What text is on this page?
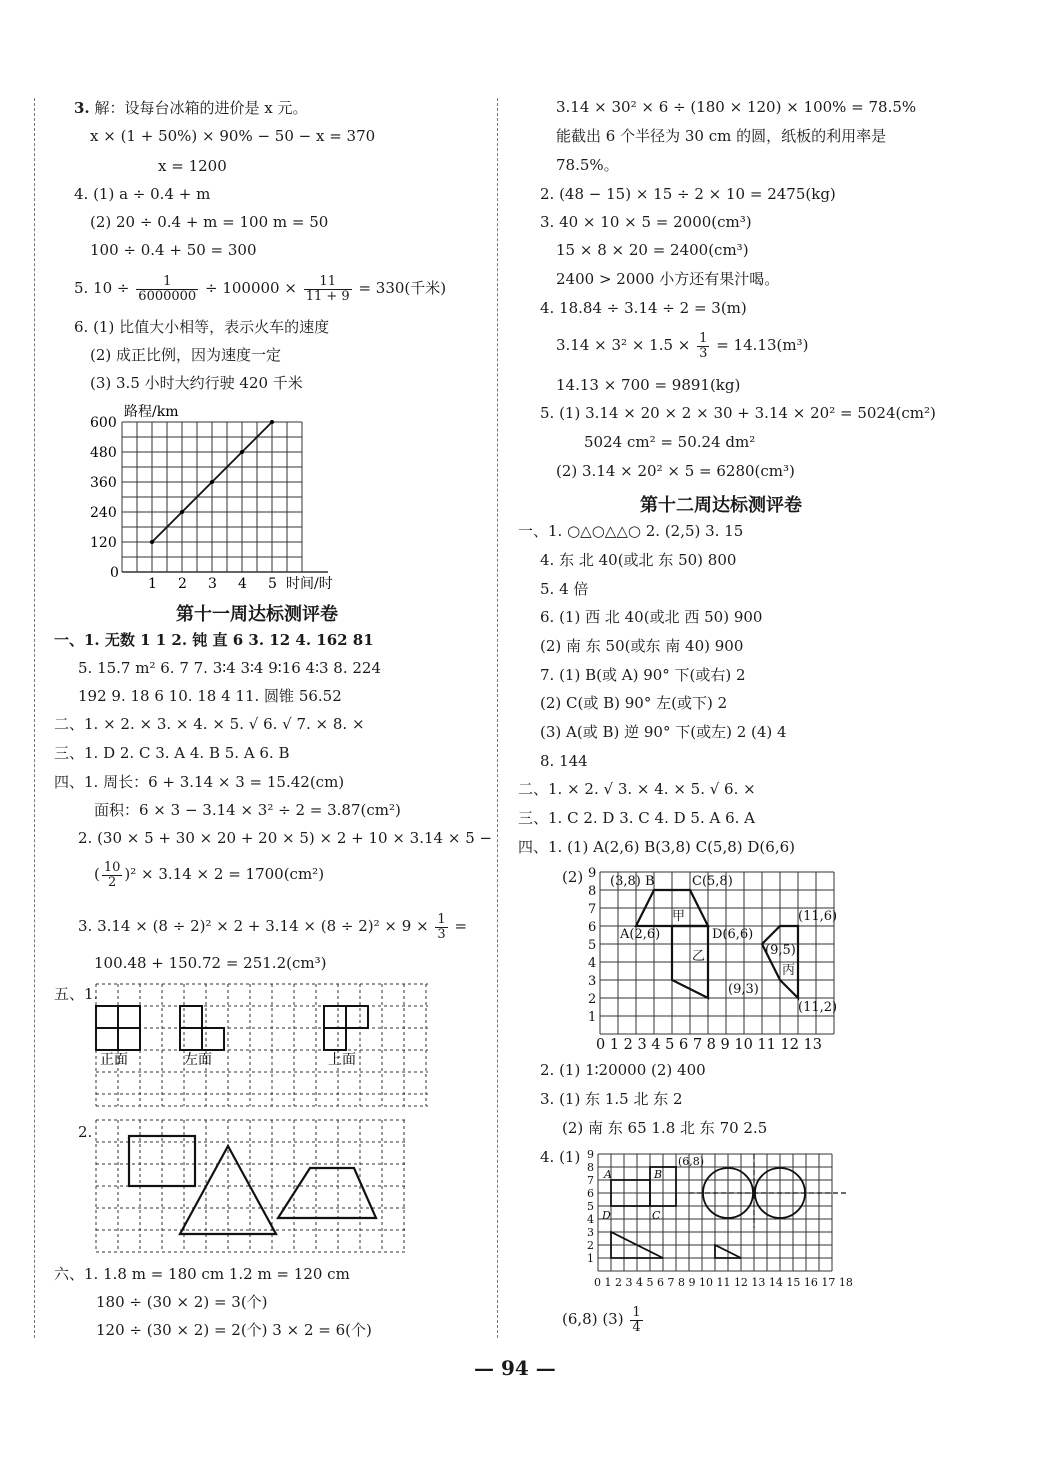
3. 解：设每台冰箱的进价是 x 元。
x × (1 + 50%) × 90% − 50 − x = 370
x = 1200
4. (1) a ÷ 0.4 + m
(2) 20 ÷ 0.4 + m = 100 m = 50
100 ÷ 0.4 + 50 = 300
5. $10 \div \frac{1}{6000000} \div 100000 \times \frac{11}{11 + 9} = 330$(千米)
6. (1) 比值大小相等，表示火车的速度
(2) 成正比例，因为速度一定
(3) 3.5 小时大约行驶 420 千米
路程/km
600
480
360
240
120
0
1 2 3 4 5 时间/时
第十一周达标测评卷
一、1. 无数 1 1 2. 钝 直 6 3. 12 4. 162 81
5. 15.7 m² 6. 7 7. 3∶4 3∶4 9∶16 4∶3 8. 224
192 9. 18 6 10. 18 4 11. 圆锥 56.52
二、1. × 2. × 3. × 4. × 5. √ 6. √ 7. × 8. ×
三、1. D 2. C 3. A 4. B 5. A 6. B
四、1. 周长：6 + 3.14 × 3 = 15.42(cm)
面积：6 × 3 − 3.14 × 3² ÷ 2 = 3.87(cm²)
2. (30 × 5 + 30 × 20 + 20 × 5) × 2 + 10 × 3.14 × 5 −
( $\frac{10}{2} )^2 \times 3.14 \times 2 = 1700(cm^2)$
3. $3.14 \times (8 \div 2)^2 \times 2 + 3.14 \times (8 \div 2)^2 \times 9 \times \frac{1}{3}$ =
100.48 + 150.72 = 251.2(cm³)
五、1.
正面	左面	上面
2.
六、1. 1.8 m = 180 cm 1.2 m = 120 cm
180 ÷ (30 × 2) = 3(个)
120 ÷ (30 × 2) = 2(个) 3 × 2 = 6(个)
3.14 × 30² × 6 ÷ (180 × 120) × 100% = 78.5%
能截出 6 个半径为 30 cm 的圆，纸板的利用率是
78.5%。
2. (48 − 15) × 15 ÷ 2 × 10 = 2475(kg)
3. 40 × 10 × 5 = 2000(cm³)
15 × 8 × 20 = 2400(cm³)
2400 > 2000 小方还有果汁喝。
4. 18.84 ÷ 3.14 ÷ 2 = 3(m)
$3.14 \times 3^2 \times 1.5 \times \frac{1}{3} = 14.13(m^3)$
14.13 × 700 = 9891(kg)
5. (1) 3.14 × 20 × 2 × 30 + 3.14 × 20² = 5024(cm²)
5024 cm² = 50.24 dm²
(2) 3.14 × 20² × 5 = 6280(cm³)
第十二周达标测评卷
一、1. ○△○△△○ 2. (2,5) 3. 15
4. 东 北 40(或北 东 50) 800
5. 4 倍
6. (1) 西 北 40(或北 西 50) 900
(2) 南 东 50(或东 南 40) 900
7. (1) B(或 A) 90° 下(或右) 2
(2) C(或 B) 90° 左(或下) 2
(3) A(或 B) 逆 90° 下(或左) 2 (4) 4
8. 144
二、1. × 2. √ 3. × 4. × 5. √ 6. ×
三、1. C 2. D 3. C 4. D 5. A 6. A
四、1. (1) A(2,6) B(3,8) C(5,8) D(6,6)
(2) 9
8
7
6
5
4
3
2
1
0 1 2 3 4 5 6 7 8 9 10 11 12 13
A(2,6)
(3,8) B	C(5,8)
D(6,6)
甲
乙
丙
(9,5)
(9,3)
(11,6)
(11,2)
2. (1) 1∶20000 (2) 400
3. (1) 东 1.5 北 东 2
(2) 南 东 65 1.8 北 东 70 2.5
4. (1) 9
8
7
6
5
4
3
2
1
0 1 2 3 4 5 6 7 8 9 10 11 12 13 14 15 16 17 18
A	B
C
D
(6,8)
(6,8) $(3) \frac{1}{4}$
— 94 —
